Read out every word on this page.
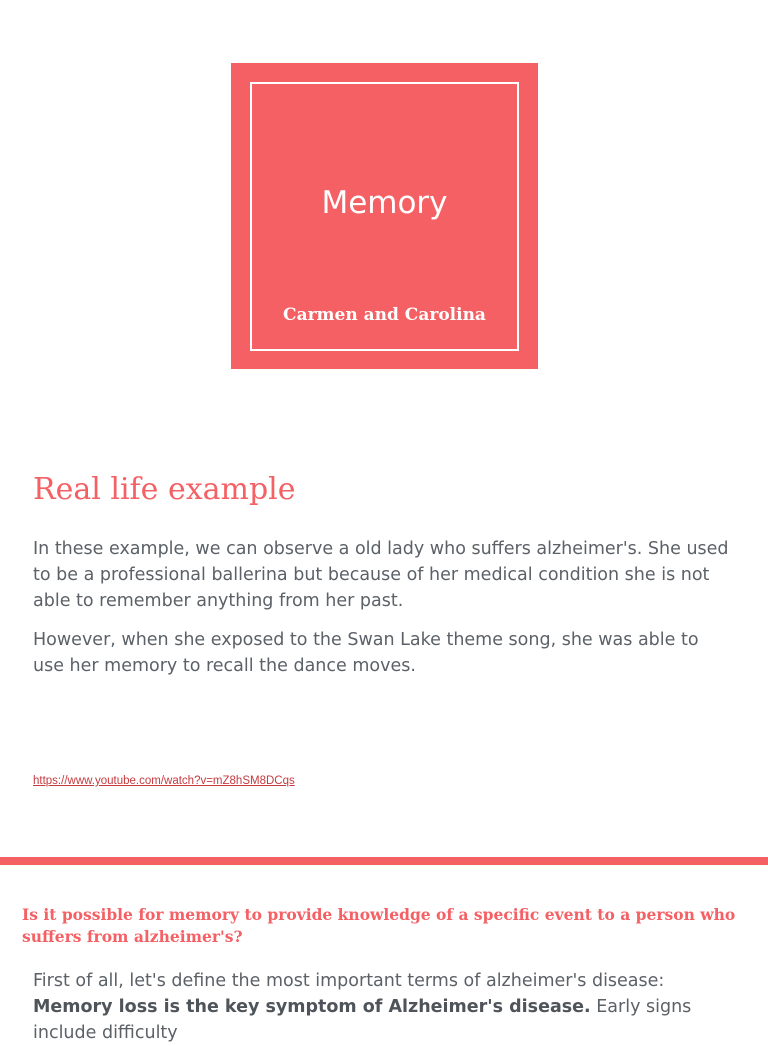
Memory
Carmen and Carolina
Real life example

In these example, we can observe a old lady who suffers alzheimer's. She used to be a professional ballerina but because of her medical condition she is not able to remember anything from her past.

However, when she exposed to the Swan Lake theme song, she was able to use her memory to recall the dance moves.

https://www.youtube.com/watch?v=mZ8hSM8DCqs
Is it possible for memory to provide knowledge of a specific event to a person who suffers from alzheimer's?

First of all, let's define the most important terms of alzheimer's disease: Memory loss is the key symptom of Alzheimer's disease. Early signs include difficulty
